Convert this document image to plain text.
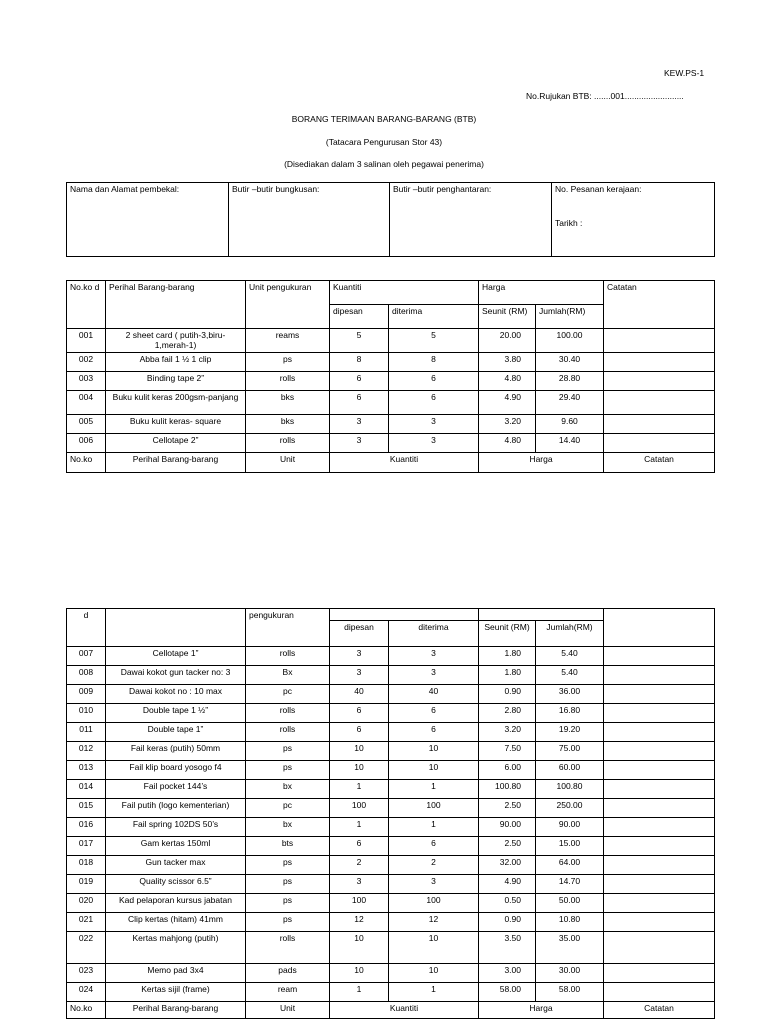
KEW.PS-1
No.Rujukan BTB: .......001.........................
BORANG TERIMAAN BARANG-BARANG (BTB)
(Tatacara Pengurusan Stor 43)
(Disediakan dalam 3 salinan oleh pegawai penerima)
Nama dan Alamat pembekal:	Butir –butir bungkusan:	Butir –butir penghantaran:	No. Pesanan kerajaan:
Tarikh :
No.ko d	Perihal Barang-barang	Unit pengukuran	Kuantiti		Harga		Catatan
			dipesan	diterima	Seunit (RM)	Jumlah(RM)	
001	2 sheet card ( putih-3,biru-1,merah-1)	reams	5	5	20.00	100.00	
002	Abba fail 1 ½ 1 clip	ps	8	8	3.80	30.40	
003	Binding tape 2”	rolls	6	6	4.80	28.80	
004	Buku kulit keras 200gsm-panjang	bks	6	6	4.90	29.40	
005	Buku kulit keras- square	bks	3	3	3.20	9.60	
006	Cellotape 2”	rolls	3	3	4.80	14.40	
No.ko	Perihal Barang-barang	Unit	Kuantiti		Harga		Catatan
d		pengukuran					
			dipesan	diterima	Seunit (RM)	Jumlah(RM)	
007	Cellotape 1”	rolls	3	3	1.80	5.40	
008	Dawai kokot gun tacker no: 3	Bx	3	3	1.80	5.40	
009	Dawai kokot no : 10 max	pc	40	40	0.90	36.00	
010	Double tape 1 ½”	rolls	6	6	2.80	16.80	
011	Double tape 1”	rolls	6	6	3.20	19.20	
012	Fail keras (putih) 50mm	ps	10	10	7.50	75.00	
013	Fail klip board yosogo f4	ps	10	10	6.00	60.00	
014	Fail pocket 144’s	bx	1	1	100.80	100.80	
015	Fail putih (logo kementerian)	pc	100	100	2.50	250.00	
016	Fail spring 102DS 50’s	bx	1	1	90.00	90.00	
017	Gam kertas 150ml	bts	6	6	2.50	15.00	
018	Gun tacker max	ps	2	2	32.00	64.00	
019	Quality scissor 6.5”	ps	3	3	4.90	14.70	
020	Kad pelaporan kursus jabatan	ps	100	100	0.50	50.00	
021	Clip kertas (hitam) 41mm	ps	12	12	0.90	10.80	
022	Kertas mahjong (putih)	rolls	10	10	3.50	35.00	
023	Memo pad 3x4	pads	10	10	3.00	30.00	
024	Kertas sijil (frame)	ream	1	1	58.00	58.00	
No.ko	Perihal Barang-barang	Unit	Kuantiti		Harga		Catatan
